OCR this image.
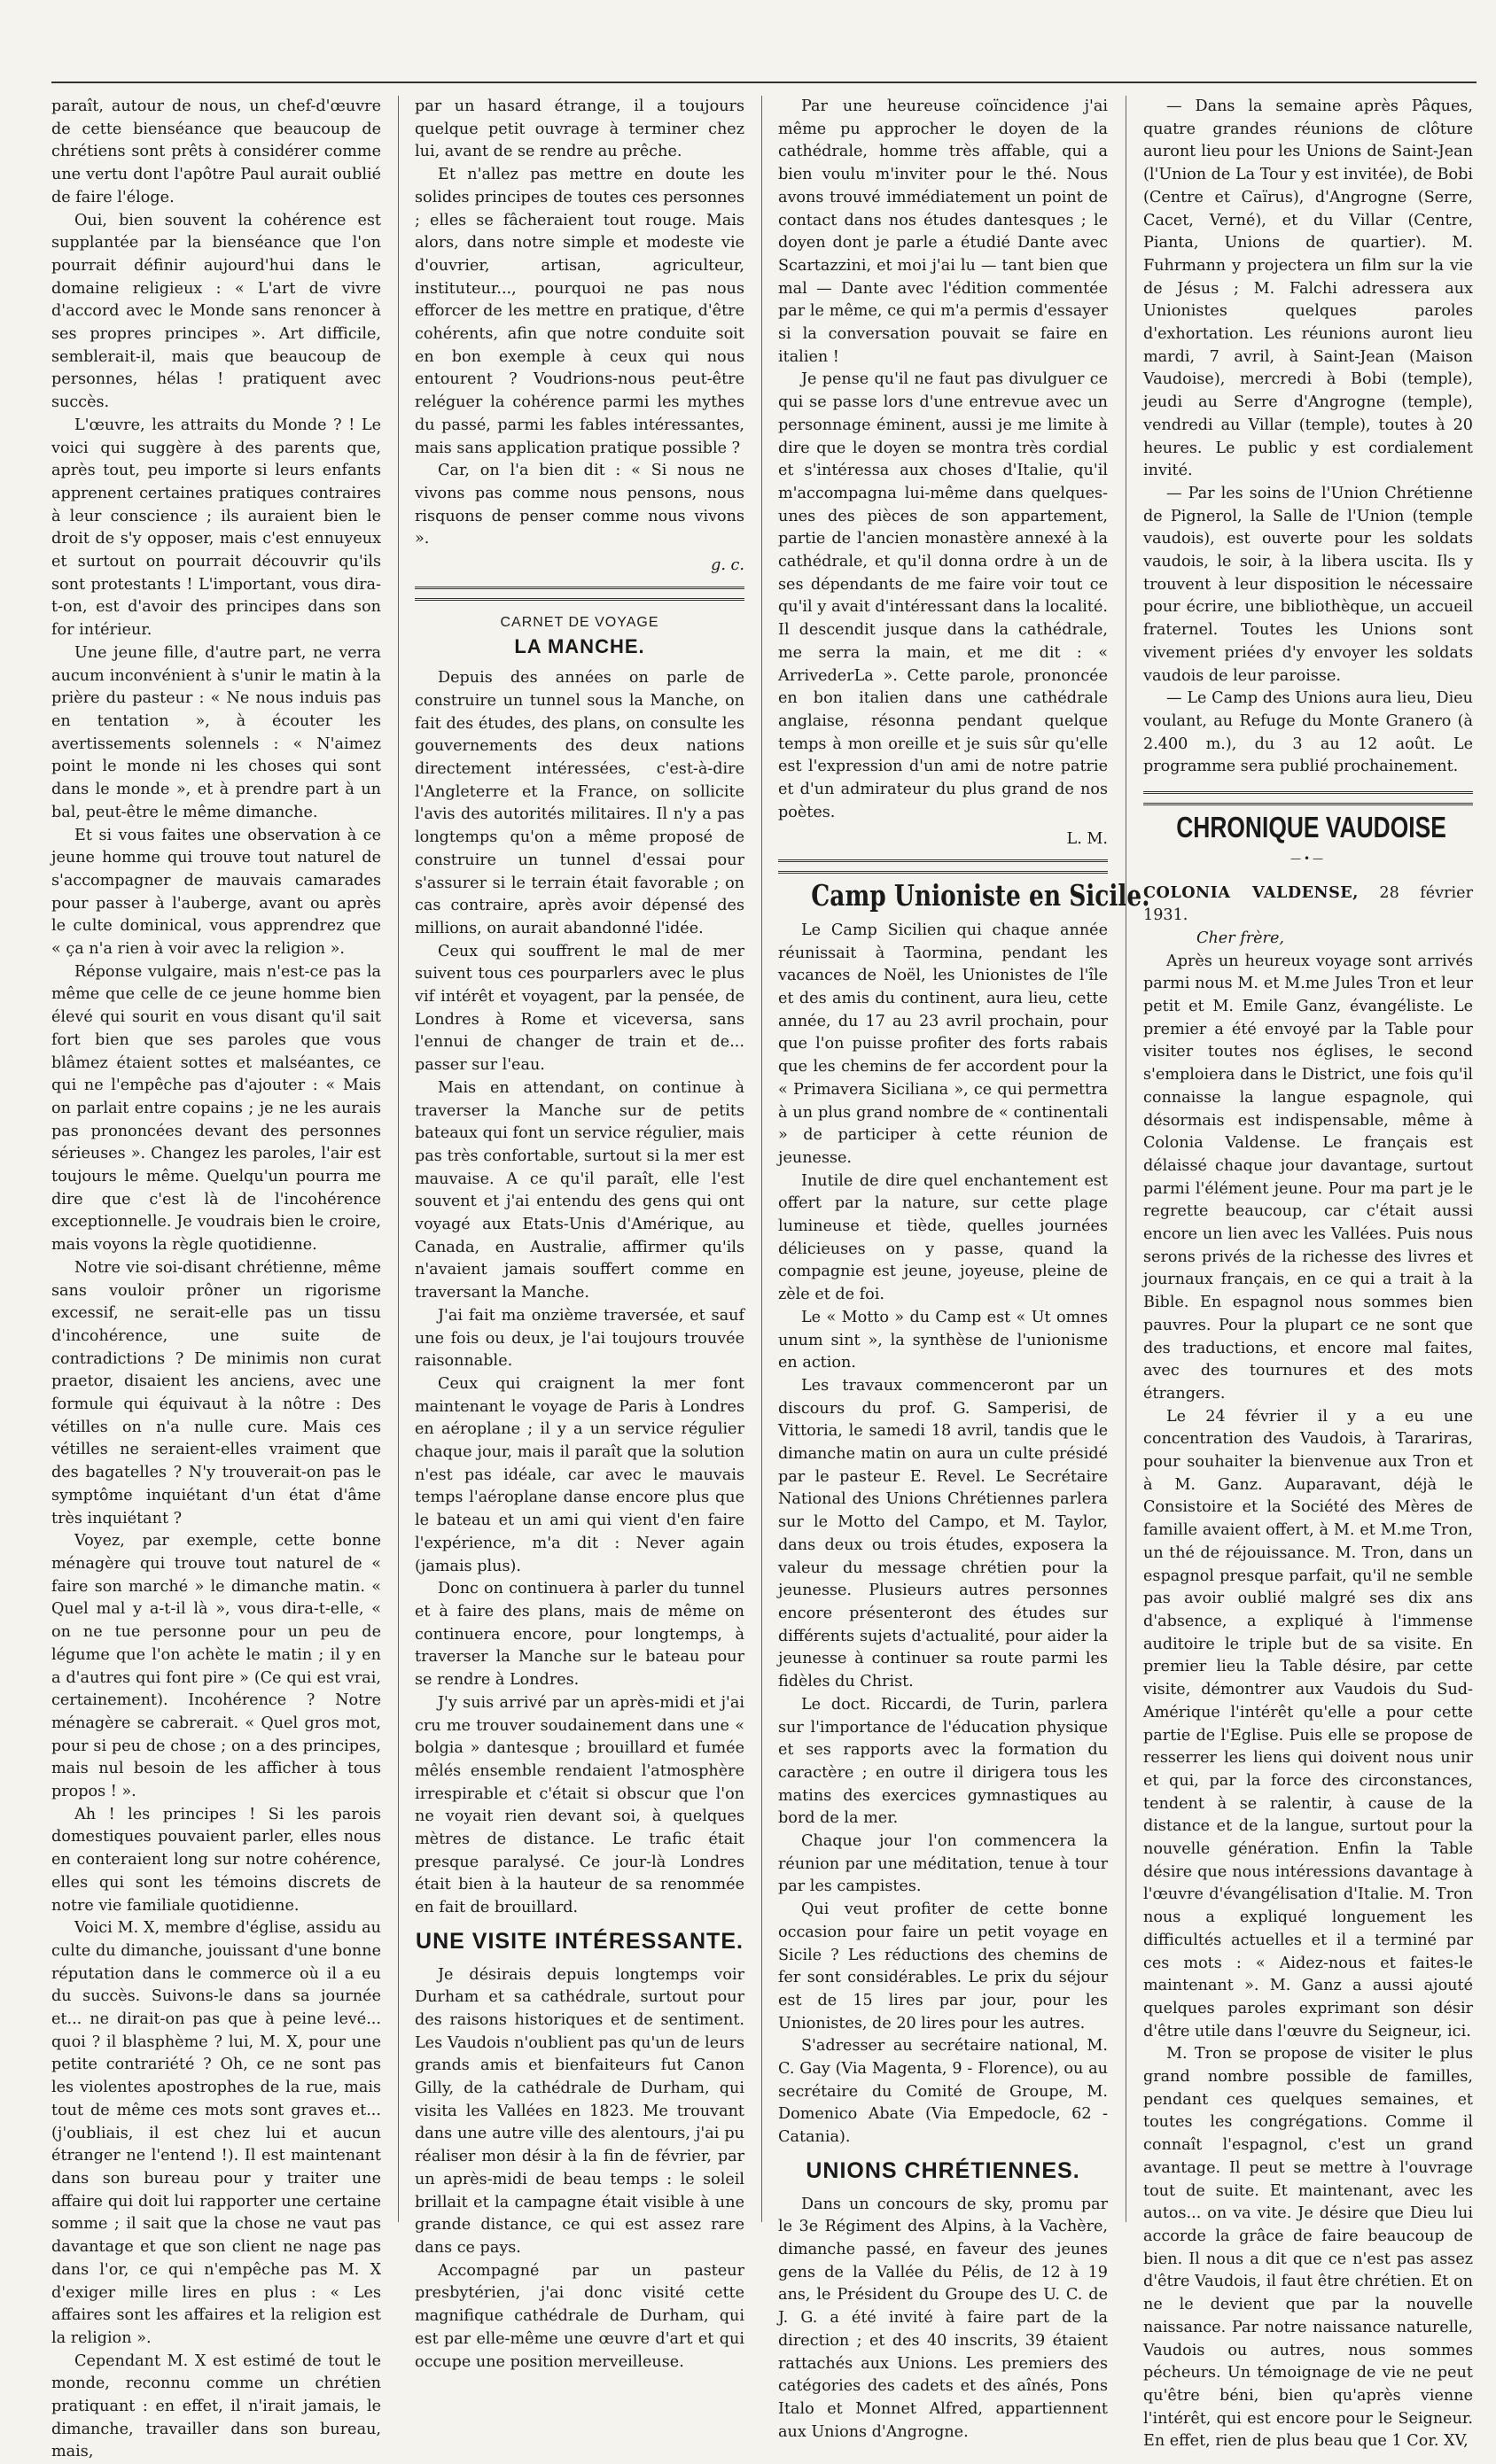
paraît, autour de nous, un chef-d'œuvre de cette bienséance que beaucoup de chrétiens sont prêts à considérer comme une vertu dont l'apôtre Paul aurait oublié de faire l'éloge.

Oui, bien souvent la cohérence est supplantée par la bienséance que l'on pourrait définir aujourd'hui dans le domaine religieux : « L'art de vivre d'accord avec le Monde sans renoncer à ses propres principes ». Art difficile, semblerait-il, mais que beaucoup de personnes, hélas ! pratiquent avec succès.

L'œuvre, les attraits du Monde ? ! Le voici qui suggère à des parents que, après tout, peu importe si leurs enfants apprenent certaines pratiques contraires à leur conscience ; ils auraient bien le droit de s'y opposer, mais c'est ennuyeux et surtout on pourrait découvrir qu'ils sont protestants ! L'important, vous dira-t-on, est d'avoir des principes dans son for intérieur.

Une jeune fille, d'autre part, ne verra aucum inconvénient à s'unir le matin à la prière du pasteur : « Ne nous induis pas en tentation », à écouter les avertissements solennels : « N'aimez point le monde ni les choses qui sont dans le monde », et à prendre part à un bal, peut-être le même dimanche.

Et si vous faites une observation à ce jeune homme qui trouve tout naturel de s'accompagner de mauvais camarades pour passer à l'auberge, avant ou après le culte dominical, vous apprendrez que « ça n'a rien à voir avec la religion ».

Réponse vulgaire, mais n'est-ce pas la même que celle de ce jeune homme bien élevé qui sourit en vous disant qu'il sait fort bien que ses paroles que vous blâmez étaient sottes et malséantes, ce qui ne l'empêche pas d'ajouter : « Mais on parlait entre copains ; je ne les aurais pas prononcées devant des personnes sérieuses ». Changez les paroles, l'air est toujours le même. Quelqu'un pourra me dire que c'est là de l'incohérence exceptionnelle. Je voudrais bien le croire, mais voyons la règle quotidienne.

Notre vie soi-disant chrétienne, même sans vouloir prôner un rigorisme excessif, ne serait-elle pas un tissu d'incohérence, une suite de contradictions ? De minimis non curat praetor, disaient les anciens, avec une formule qui équivaut à la nôtre : Des vétilles on n'a nulle cure. Mais ces vétilles ne seraient-elles vraiment que des bagatelles ? N'y trouverait-on pas le symptôme inquiétant d'un état d'âme très inquiétant ?

Voyez, par exemple, cette bonne ménagère qui trouve tout naturel de « faire son marché » le dimanche matin. « Quel mal y a-t-il là », vous dira-t-elle, « on ne tue personne pour un peu de légume que l'on achète le matin ; il y en a d'autres qui font pire » (Ce qui est vrai, certainement). Incohérence ? Notre ménagère se cabrerait. « Quel gros mot, pour si peu de chose ; on a des principes, mais nul besoin de les afficher à tous propos ! ».

Ah ! les principes ! Si les parois domestiques pouvaient parler, elles nous en conteraient long sur notre cohérence, elles qui sont les témoins discrets de notre vie familiale quotidienne.

Voici M. X, membre d'église, assidu au culte du dimanche, jouissant d'une bonne réputation dans le commerce où il a eu du succès. Suivons-le dans sa journée et... ne dirait-on pas que à peine levé... quoi ? il blasphème ? lui, M. X, pour une petite contrariété ? Oh, ce ne sont pas les violentes apostrophes de la rue, mais tout de même ces mots sont graves et... (j'oubliais, il est chez lui et aucun étranger ne l'entend !). Il est maintenant dans son bureau pour y traiter une affaire qui doit lui rapporter une certaine somme ; il sait que la chose ne vaut pas davantage et que son client ne nage pas dans l'or, ce qui n'empêche pas M. X d'exiger mille lires en plus : « Les affaires sont les affaires et la religion est la religion ».

Cependant M. X est estimé de tout le monde, reconnu comme un chrétien pratiquant : en effet, il n'irait jamais, le dimanche, travailler dans son bureau, mais,

par un hasard étrange, il a toujours quelque petit ouvrage à terminer chez lui, avant de se rendre au prêche.

Et n'allez pas mettre en doute les solides principes de toutes ces personnes ; elles se fâcheraient tout rouge. Mais alors, dans notre simple et modeste vie d'ouvrier, artisan, agriculteur, instituteur..., pourquoi ne pas nous efforcer de les mettre en pratique, d'être cohérents, afin que notre conduite soit en bon exemple à ceux qui nous entourent ? Voudrions-nous peut-être reléguer la cohérence parmi les mythes du passé, parmi les fables intéressantes, mais sans application pratique possible ?

Car, on l'a bien dit : « Si nous ne vivons pas comme nous pensons, nous risquons de penser comme nous vivons ».

g. c.

CARNET DE VOYAGE
LA MANCHE.

Depuis des années on parle de construire un tunnel sous la Manche, on fait des études, des plans, on consulte les gouvernements des deux nations directement intéressées, c'est-à-dire l'Angleterre et la France, on sollicite l'avis des autorités militaires. Il n'y a pas longtemps qu'on a même proposé de construire un tunnel d'essai pour s'assurer si le terrain était favorable ; on cas contraire, après avoir dépensé des millions, on aurait abandonné l'idée.

Ceux qui souffrent le mal de mer suivent tous ces pourparlers avec le plus vif intérêt et voyagent, par la pensée, de Londres à Rome et viceversa, sans l'ennui de changer de train et de... passer sur l'eau.

Mais en attendant, on continue à traverser la Manche sur de petits bateaux qui font un service régulier, mais pas très confortable, surtout si la mer est mauvaise. A ce qu'il paraît, elle l'est souvent et j'ai entendu des gens qui ont voyagé aux Etats-Unis d'Amérique, au Canada, en Australie, affirmer qu'ils n'avaient jamais souffert comme en traversant la Manche.

J'ai fait ma onzième traversée, et sauf une fois ou deux, je l'ai toujours trouvée raisonnable.

Ceux qui craignent la mer font maintenant le voyage de Paris à Londres en aéroplane ; il y a un service régulier chaque jour, mais il paraît que la solution n'est pas idéale, car avec le mauvais temps l'aéroplane danse encore plus que le bateau et un ami qui vient d'en faire l'expérience, m'a dit : Never again (jamais plus).

Donc on continuera à parler du tunnel et à faire des plans, mais de même on continuera encore, pour longtemps, à traverser la Manche sur le bateau pour se rendre à Londres.

J'y suis arrivé par un après-midi et j'ai cru me trouver soudainement dans une « bolgia » dantesque ; brouillard et fumée mêlés ensemble rendaient l'atmosphère irrespirable et c'était si obscur que l'on ne voyait rien devant soi, à quelques mètres de distance. Le trafic était presque paralysé. Ce jour-là Londres était bien à la hauteur de sa renommée en fait de brouillard.

UNE VISITE INTÉRESSANTE.

Je désirais depuis longtemps voir Durham et sa cathédrale, surtout pour des raisons historiques et de sentiment. Les Vaudois n'oublient pas qu'un de leurs grands amis et bienfaiteurs fut Canon Gilly, de la cathédrale de Durham, qui visita les Vallées en 1823. Me trouvant dans une autre ville des alentours, j'ai pu réaliser mon désir à la fin de février, par un après-midi de beau temps : le soleil brillait et la campagne était visible à une grande distance, ce qui est assez rare dans ce pays.

Accompagné par un pasteur presbytérien, j'ai donc visité cette magnifique cathédrale de Durham, qui est par elle-même une œuvre d'art et qui occupe une position merveilleuse.

Par une heureuse coïncidence j'ai même pu approcher le doyen de la cathédrale, homme très affable, qui a bien voulu m'inviter pour le thé. Nous avons trouvé immédiatement un point de contact dans nos études dantesques ; le doyen dont je parle a étudié Dante avec Scartazzini, et moi j'ai lu — tant bien que mal — Dante avec l'édition commentée par le même, ce qui m'a permis d'essayer si la conversation pouvait se faire en italien !

Je pense qu'il ne faut pas divulguer ce qui se passe lors d'une entrevue avec un personnage éminent, aussi je me limite à dire que le doyen se montra très cordial et s'intéressa aux choses d'Italie, qu'il m'accompagna lui-même dans quelques-unes des pièces de son appartement, partie de l'ancien monastère annexé à la cathédrale, et qu'il donna ordre à un de ses dépendants de me faire voir tout ce qu'il y avait d'intéressant dans la localité. Il descendit jusque dans la cathédrale, me serra la main, et me dit : « ArrivederLa ». Cette parole, prononcée en bon italien dans une cathédrale anglaise, résonna pendant quelque temps à mon oreille et je suis sûr qu'elle est l'expression d'un ami de notre patrie et d'un admirateur du plus grand de nos poètes.

L. M.

Camp Unioniste en Sicile.

Le Camp Sicilien qui chaque année réunissait à Taormina, pendant les vacances de Noël, les Unionistes de l'île et des amis du continent, aura lieu, cette année, du 17 au 23 avril prochain, pour que l'on puisse profiter des forts rabais que les chemins de fer accordent pour la « Primavera Siciliana », ce qui permettra à un plus grand nombre de « continentali » de participer à cette réunion de jeunesse.

Inutile de dire quel enchantement est offert par la nature, sur cette plage lumineuse et tiède, quelles journées délicieuses on y passe, quand la compagnie est jeune, joyeuse, pleine de zèle et de foi.

Le « Motto » du Camp est « Ut omnes unum sint », la synthèse de l'unionisme en action.

Les travaux commenceront par un discours du prof. G. Samperisi, de Vittoria, le samedi 18 avril, tandis que le dimanche matin on aura un culte présidé par le pasteur E. Revel. Le Secrétaire National des Unions Chrétiennes parlera sur le Motto del Campo, et M. Taylor, dans deux ou trois études, exposera la valeur du message chrétien pour la jeunesse. Plusieurs autres personnes encore présenteront des études sur différents sujets d'actualité, pour aider la jeunesse à continuer sa route parmi les fidèles du Christ.

Le doct. Riccardi, de Turin, parlera sur l'importance de l'éducation physique et ses rapports avec la formation du caractère ; en outre il dirigera tous les matins des exercices gymnastiques au bord de la mer.

Chaque jour l'on commencera la réunion par une méditation, tenue à tour par les campistes.

Qui veut profiter de cette bonne occasion pour faire un petit voyage en Sicile ? Les réductions des chemins de fer sont considérables. Le prix du séjour est de 15 lires par jour, pour les Unionistes, de 20 lires pour les autres.

S'adresser au secrétaire national, M. C. Gay (Via Magenta, 9 - Florence), ou au secrétaire du Comité de Groupe, M. Domenico Abate (Via Empedocle, 62 - Catania).

UNIONS CHRÉTIENNES.

Dans un concours de sky, promu par le 3e Régiment des Alpins, à la Vachère, dimanche passé, en faveur des jeunes gens de la Vallée du Pélis, de 12 à 19 ans, le Président du Groupe des U. C. de J. G. a été invité à faire part de la direction ; et des 40 inscrits, 39 étaient rattachés aux Unions. Les premiers des catégories des cadets et des aînés, Pons Italo et Monnet Alfred, appartiennent aux Unions d'Angrogne.

— Dans la semaine après Pâques, quatre grandes réunions de clôture auront lieu pour les Unions de Saint-Jean (l'Union de La Tour y est invitée), de Bobi (Centre et Caïrus), d'Angrogne (Serre, Cacet, Verné), et du Villar (Centre, Pianta, Unions de quartier). M. Fuhrmann y projectera un film sur la vie de Jésus ; M. Falchi adressera aux Unionistes quelques paroles d'exhortation. Les réunions auront lieu mardi, 7 avril, à Saint-Jean (Maison Vaudoise), mercredi à Bobi (temple), jeudi au Serre d'Angrogne (temple), vendredi au Villar (temple), toutes à 20 heures. Le public y est cordialement invité.

— Par les soins de l'Union Chrétienne de Pignerol, la Salle de l'Union (temple vaudois), est ouverte pour les soldats vaudois, le soir, à la libera uscita. Ils y trouvent à leur disposition le nécessaire pour écrire, une bibliothèque, un accueil fraternel. Toutes les Unions sont vivement priées d'y envoyer les soldats vaudois de leur paroisse.

— Le Camp des Unions aura lieu, Dieu voulant, au Refuge du Monte Granero (à 2.400 m.), du 3 au 12 août. Le programme sera publié prochainement.

CHRONIQUE VAUDOISE
—•—

COLONIA VALDENSE, 28 février 1931.

Cher frère,

Après un heureux voyage sont arrivés parmi nous M. et M.me Jules Tron et leur petit et M. Emile Ganz, évangéliste. Le premier a été envoyé par la Table pour visiter toutes nos églises, le second s'emploiera dans le District, une fois qu'il connaisse la langue espagnole, qui désormais est indispensable, même à Colonia Valdense. Le français est délaissé chaque jour davantage, surtout parmi l'élément jeune. Pour ma part je le regrette beaucoup, car c'était aussi encore un lien avec les Vallées. Puis nous serons privés de la richesse des livres et journaux français, en ce qui a trait à la Bible. En espagnol nous sommes bien pauvres. Pour la plupart ce ne sont que des traductions, et encore mal faites, avec des tournures et des mots étrangers.

Le 24 février il y a eu une concentration des Vaudois, à Tarariras, pour souhaiter la bienvenue aux Tron et à M. Ganz. Auparavant, déjà le Consistoire et la Société des Mères de famille avaient offert, à M. et M.me Tron, un thé de réjouissance. M. Tron, dans un espagnol presque parfait, qu'il ne semble pas avoir oublié malgré ses dix ans d'absence, a expliqué à l'immense auditoire le triple but de sa visite. En premier lieu la Table désire, par cette visite, démontrer aux Vaudois du Sud-Amérique l'intérêt qu'elle a pour cette partie de l'Eglise. Puis elle se propose de resserrer les liens qui doivent nous unir et qui, par la force des circonstances, tendent à se ralentir, à cause de la distance et de la langue, surtout pour la nouvelle génération. Enfin la Table désire que nous intéressions davantage à l'œuvre d'évangélisation d'Italie. M. Tron nous a expliqué longuement les difficultés actuelles et il a terminé par ces mots : « Aidez-nous et faites-le maintenant ». M. Ganz a aussi ajouté quelques paroles exprimant son désir d'être utile dans l'œuvre du Seigneur, ici.

M. Tron se propose de visiter le plus grand nombre possible de familles, pendant ces quelques semaines, et toutes les congrégations. Comme il connaît l'espagnol, c'est un grand avantage. Il peut se mettre à l'ouvrage tout de suite. Et maintenant, avec les autos... on va vite. Je désire que Dieu lui accorde la grâce de faire beaucoup de bien. Il nous a dit que ce n'est pas assez d'être Vaudois, il faut être chrétien. Et on ne le devient que par la nouvelle naissance. Par notre naissance naturelle, Vaudois ou autres, nous sommes pécheurs. Un témoignage de vie ne peut qu'être béni, bien qu'après vienne l'intérêt, qui est encore pour le Seigneur. En effet, rien de plus beau que 1 Cor. XV,
